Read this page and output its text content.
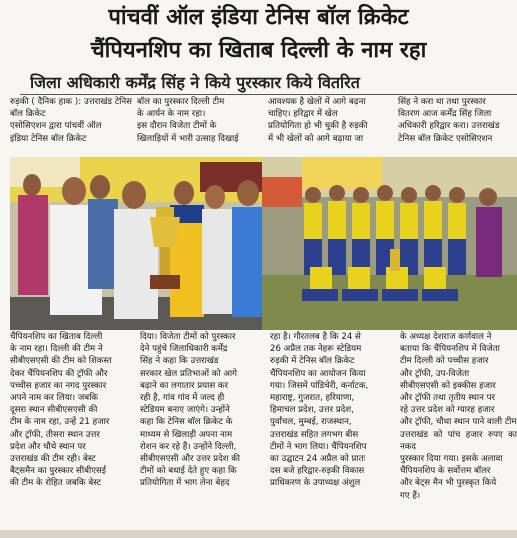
पांचवीं ऑल इंडिया टेनिस बॉल क्रिकेट
चैंपियनशिप का खिताब दिल्ली के नाम रहा
जिला अधिकारी कर्मेंद्र सिंह ने किये पुरस्कार किये वितरित
रुड़की ( दैनिक हाक ): उत्तराखंड टेनिस बॉल क्रिकेट
एसोसिएशन द्वारा पांचवीं ऑल
इंडिया टेनिस बॉल क्रिकेट
बॉल का पुरस्कार दिल्ली टीम
के आर्यन के नाम रहा।
इस दौरान विजेता टीमों के
खिलाड़ियों में भारी उत्साह दिखाई
आवश्यक है खेलों में आगे बढ़ना
चाहिए। हरिद्वार में खेल
प्रतियोगिता हो भी चुकी है रुड़की
में भी खेलों को आगे बढ़ाया जा
सिंह ने करा था तथा पुरस्कार
वितरण आज कर्मेंद्र सिंह जिला
अधिकारी हरिद्वार करा। उत्तराखंड
टेनिस बॉल क्रिकेट एसोसिएशन
चैंपियनशिप का खिताब दिल्ली
के नाम रहा। दिल्ली की टीम ने
सीबीएसएसी की टीम को शिकस्त
देकर चैंपियनशिप की ट्रॉफी और
पच्चीस हजार का नगद पुरस्कार
अपने नाम कर लिया। जबकि
दूसरा स्थान सीबीएसएसी की
टीम के नाम रहा, उन्हें 21 हजार
और ट्रॉफी, तीसरा स्थान उत्तर
प्रदेश और चौथे स्थान पर
उत्तराखंड की टीम रही। बेस्ट
बैट्समैन का पुरस्कार सीबीएसई
की टीम के रोहित जबकि बेस्ट
दिया। विजेता टीमों को पुरस्कार
देने पहुंचे जिलाधिकारी कर्मेंद्र
सिंह ने कहा कि उत्तराखंड
सरकार खेल प्रतिभाओं को आगे
बढ़ाने का लगातार प्रयास कर
रही है, गांव गांव में जल्द ही
स्टेडियम बनाए जाएंगे। उन्होंने
कहा कि टेनिस बॉल क्रिकेट के
माध्यम से खिलाड़ी अपना नाम
रोशन कर रहे हैं। उन्होंने दिल्ली,
सीबीएसएसी और उत्तर प्रदेश की
टीमों को बधाई देते हुए कहा कि
प्रतियोगिता में भाग लेना बेहद
रहा है। गौरतलब है कि 24 से
26 अप्रैल तक नेहरू स्टेडियम
रुड़की में टेनिस बॉल क्रिकेट
चैंपियनशिप का आयोजन किया
गया। जिसमें पांडिचेरी, कर्नाटक,
महाराष्ट्र, गुजरात, हरियाणा,
हिमाचल प्रदेश, उत्तर प्रदेश,
पुर्वांचल, मुम्बई, राजस्थान,
उत्तराखंड सहित लगभग बीस
टीमों ने भाग लिया। चैंपियनशिप
का उद्घाटन 24 अप्रैल को प्रातः
दस बजे हरिद्वार-रुड़की विकास
प्राधिकरण के उपाध्यक्ष अंशुल
के अध्यक्ष देशराज कर्णवाल ने
बताया कि चैंपियनशिप में विजेता
टीम दिल्ली को पच्चीस हजार
और ट्रॉफी, उप-विजेता
सीबीएसएसी को इक्कीस हजार
और ट्रॉफी तथा तृतीय स्थान पर
रहे उत्तर प्रदेश को ग्यारह हजार
और ट्रॉफी, चौथा स्थान पाने वाली टीम
उत्तराखंड को पांच हजार रुपए का नकद
पुरस्कार दिया गया। इसके अलावा
चैंपियनशिप के सर्वोत्तम बॉलर
और बेट्स मैन भी पुरस्कृत किये
गए हैं।
